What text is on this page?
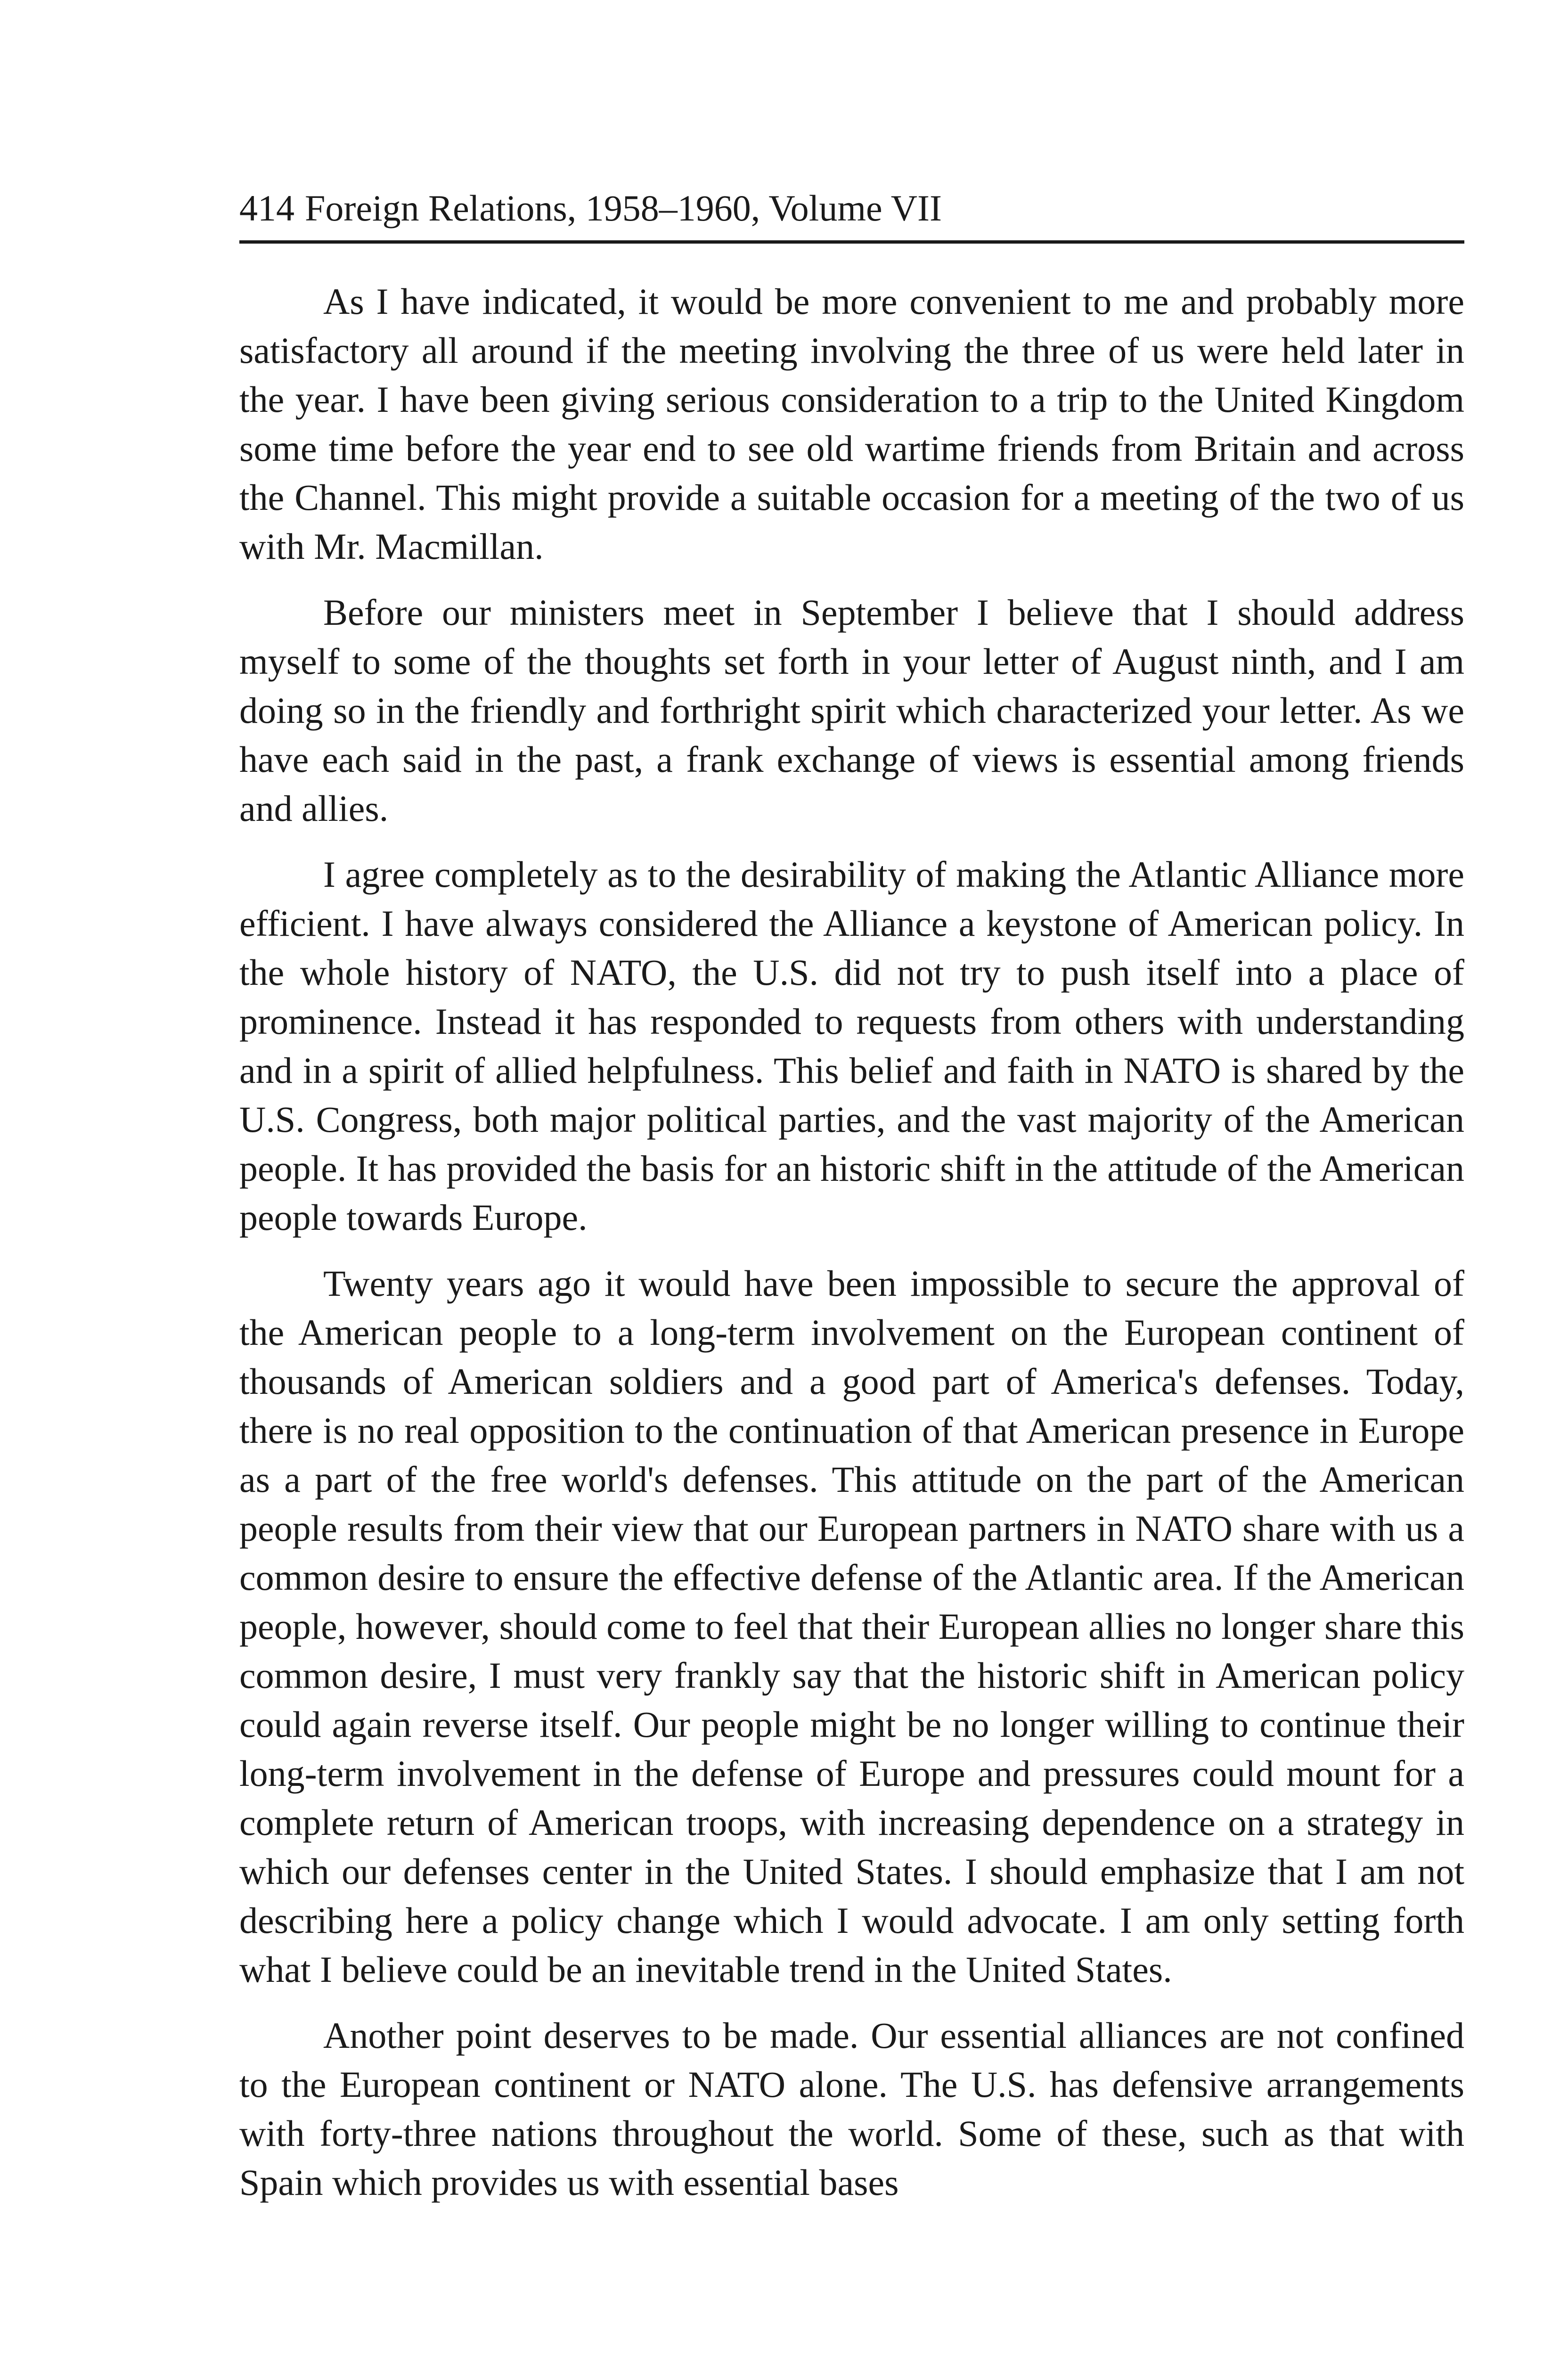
414 Foreign Relations, 1958–1960, Volume VII

As I have indicated, it would be more convenient to me and probably more satisfactory all around if the meeting involving the three of us were held later in the year. I have been giving serious consideration to a trip to the United Kingdom some time before the year end to see old wartime friends from Britain and across the Channel. This might provide a suitable occasion for a meeting of the two of us with Mr. Macmillan.

Before our ministers meet in September I believe that I should address myself to some of the thoughts set forth in your letter of August ninth, and I am doing so in the friendly and forthright spirit which characterized your letter. As we have each said in the past, a frank exchange of views is essential among friends and allies.

I agree completely as to the desirability of making the Atlantic Alliance more efficient. I have always considered the Alliance a keystone of American policy. In the whole history of NATO, the U.S. did not try to push itself into a place of prominence. Instead it has responded to requests from others with understanding and in a spirit of allied helpfulness. This belief and faith in NATO is shared by the U.S. Congress, both major political parties, and the vast majority of the American people. It has provided the basis for an historic shift in the attitude of the American people towards Europe.

Twenty years ago it would have been impossible to secure the approval of the American people to a long-term involvement on the European continent of thousands of American soldiers and a good part of America's defenses. Today, there is no real opposition to the continuation of that American presence in Europe as a part of the free world's defenses. This attitude on the part of the American people results from their view that our European partners in NATO share with us a common desire to ensure the effective defense of the Atlantic area. If the American people, however, should come to feel that their European allies no longer share this common desire, I must very frankly say that the historic shift in American policy could again reverse itself. Our people might be no longer willing to continue their long-term involvement in the defense of Europe and pressures could mount for a complete return of American troops, with increasing dependence on a strategy in which our defenses center in the United States. I should emphasize that I am not describing here a policy change which I would advocate. I am only setting forth what I believe could be an inevitable trend in the United States.

Another point deserves to be made. Our essential alliances are not confined to the European continent or NATO alone. The U.S. has defensive arrangements with forty-three nations throughout the world. Some of these, such as that with Spain which provides us with essential bases
